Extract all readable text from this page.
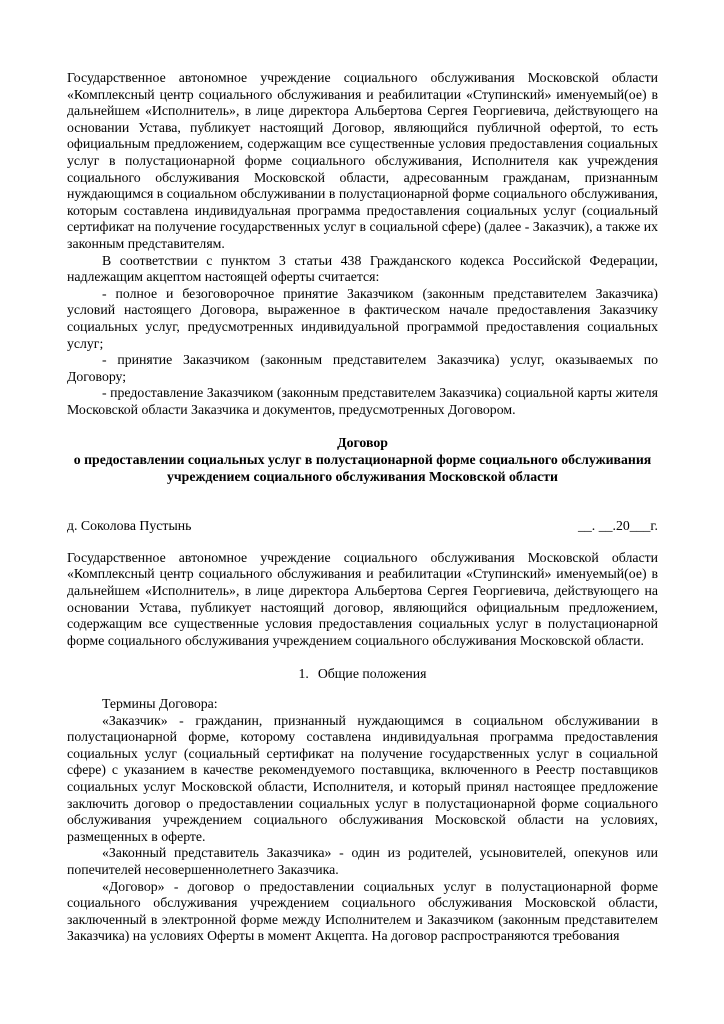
Государственное автономное учреждение социального обслуживания Московской области «Комплексный центр социального обслуживания и реабилитации «Ступинский» именуемый(ое) в дальнейшем «Исполнитель», в лице директора Альбертова Сергея Георгиевича, действующего на основании Устава, публикует настоящий Договор, являющийся публичной офертой, то есть официальным предложением, содержащим все существенные условия предоставления социальных услуг в полустационарной форме социального обслуживания, Исполнителя как учреждения социального обслуживания Московской области, адресованным гражданам, признанным нуждающимся в социальном обслуживании в полустационарной форме социального обслуживания, которым составлена индивидуальная программа предоставления социальных услуг (социальный сертификат на получение государственных услуг в социальной сфере) (далее - Заказчик), а также их законным представителям.

В соответствии с пунктом 3 статьи 438 Гражданского кодекса Российской Федерации, надлежащим акцептом настоящей оферты считается:

- полное и безоговорочное принятие Заказчиком (законным представителем Заказчика) условий настоящего Договора, выраженное в фактическом начале предоставления Заказчику социальных услуг, предусмотренных индивидуальной программой предоставления социальных услуг;

- принятие Заказчиком (законным представителем Заказчика) услуг, оказываемых по Договору;

- предоставление Заказчиком (законным представителем Заказчика) социальной карты жителя Московской области Заказчика и документов, предусмотренных Договором.

Договор
о предоставлении социальных услуг в полустационарной форме социального обслуживания
учреждением социального обслуживания Московской области
д. Соколова Пустынь	__. __.20___г.

Государственное автономное учреждение социального обслуживания Московской области «Комплексный центр социального обслуживания и реабилитации «Ступинский» именуемый(ое) в дальнейшем «Исполнитель», в лице директора Альбертова Сергея Георгиевича, действующего на основании Устава, публикует настоящий договор, являющийся официальным предложением, содержащим все существенные условия предоставления социальных услуг в полустационарной форме социального обслуживания учреждением социального обслуживания Московской области.

1. Общие положения

Термины Договора:

«Заказчик» - гражданин, признанный нуждающимся в социальном обслуживании в полустационарной форме, которому составлена индивидуальная программа предоставления социальных услуг (социальный сертификат на получение государственных услуг в социальной сфере) с указанием в качестве рекомендуемого поставщика, включенного в Реестр поставщиков социальных услуг Московской области, Исполнителя, и который принял настоящее предложение заключить договор о предоставлении социальных услуг в полустационарной форме социального обслуживания учреждением социального обслуживания Московской области на условиях, размещенных в оферте.

«Законный представитель Заказчика» - один из родителей, усыновителей, опекунов или попечителей несовершеннолетнего Заказчика.

«Договор» - договор о предоставлении социальных услуг в полустационарной форме социального обслуживания учреждением социального обслуживания Московской области, заключенный в электронной форме между Исполнителем и Заказчиком (законным представителем Заказчика) на условиях Оферты в момент Акцепта. На договор распространяются требования
